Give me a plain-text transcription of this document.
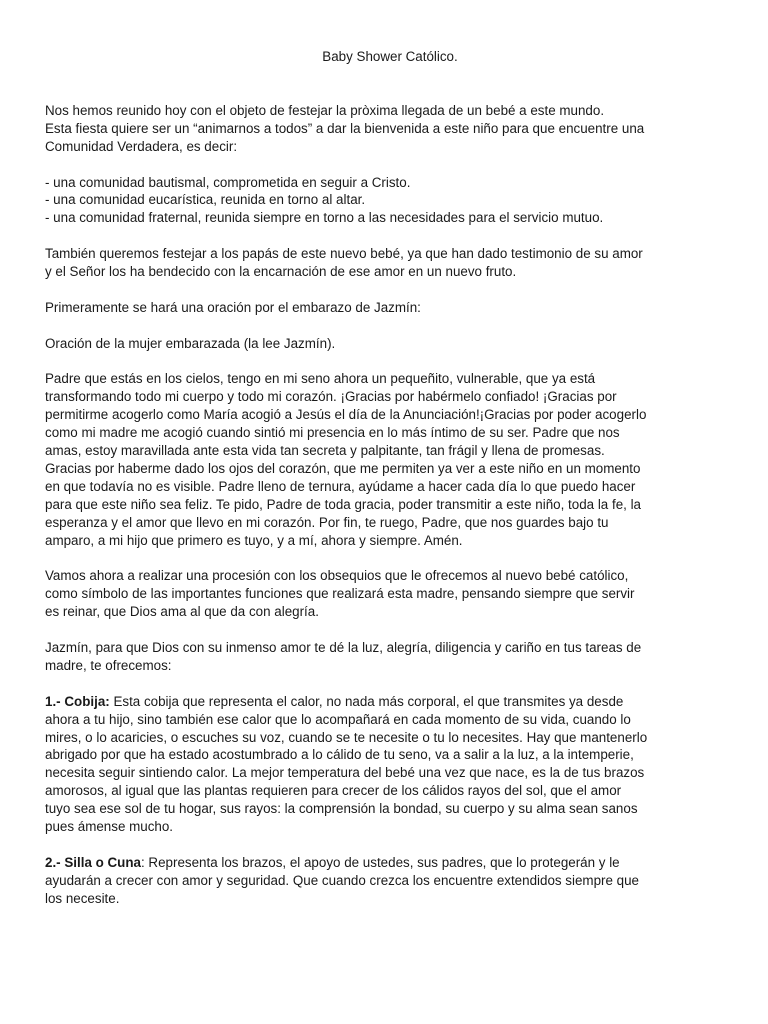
Baby Shower Católico.

Nos hemos reunido hoy con el objeto de festejar la pròxima llegada de un bebé a este mundo.
Esta fiesta quiere ser un “animarnos a todos” a dar la bienvenida a este niño para que encuentre una
Comunidad Verdadera, es decir:

- una comunidad bautismal, comprometida en seguir a Cristo.
- una comunidad eucarística, reunida en torno al altar.
- una comunidad fraternal, reunida siempre en torno a las necesidades para el servicio mutuo.

También queremos festejar a los papás de este nuevo bebé, ya que han dado testimonio de su amor
y el Señor los ha bendecido con la encarnación de ese amor en un nuevo fruto.

Primeramente se hará una oración por el embarazo de Jazmín:

Oración de la mujer embarazada (la lee Jazmín).

Padre que estás en los cielos, tengo en mi seno ahora un pequeñito, vulnerable, que ya está
transformando todo mi cuerpo y todo mi corazón. ¡Gracias por habérmelo confiado! ¡Gracias por
permitirme acogerlo como María acogió a Jesús el día de la Anunciación!¡Gracias por poder acogerlo
como mi madre me acogió cuando sintió mi presencia en lo más íntimo de su ser. Padre que nos
amas, estoy maravillada ante esta vida tan secreta y palpitante, tan frágil y llena de promesas.
Gracias por haberme dado los ojos del corazón, que me permiten ya ver a este niño en un momento
en que todavía no es visible. Padre lleno de ternura, ayúdame a hacer cada día lo que puedo hacer
para que este niño sea feliz. Te pido, Padre de toda gracia, poder transmitir a este niño, toda la fe, la
esperanza y el amor que llevo en mi corazón. Por fin, te ruego, Padre, que nos guardes bajo tu
amparo, a mi hijo que primero es tuyo, y a mí, ahora y siempre. Amén.

Vamos ahora a realizar una procesión con los obsequios que le ofrecemos al nuevo bebé católico,
como símbolo de las importantes funciones que realizará esta madre, pensando siempre que servir
es reinar, que Dios ama al que da con alegría.

Jazmín, para que Dios con su inmenso amor te dé la luz, alegría, diligencia y cariño en tus tareas de
madre, te ofrecemos:

1.- Cobija: Esta cobija que representa el calor, no nada más corporal, el que transmites ya desde
ahora a tu hijo, sino también ese calor que lo acompañará en cada momento de su vida, cuando lo
mires, o lo acaricies, o escuches su voz, cuando se te necesite o tu lo necesites. Hay que mantenerlo
abrigado por que ha estado acostumbrado a lo cálido de tu seno, va a salir a la luz, a la intemperie,
necesita seguir sintiendo calor. La mejor temperatura del bebé una vez que nace, es la de tus brazos
amorosos, al igual que las plantas requieren para crecer de los cálidos rayos del sol, que el amor
tuyo sea ese sol de tu hogar, sus rayos: la comprensión la bondad, su cuerpo y su alma sean sanos
pues ámense mucho.

2.- Silla o Cuna: Representa los brazos, el apoyo de ustedes, sus padres, que lo protegerán y le
ayudarán a crecer con amor y seguridad. Que cuando crezca los encuentre extendidos siempre que
los necesite.
